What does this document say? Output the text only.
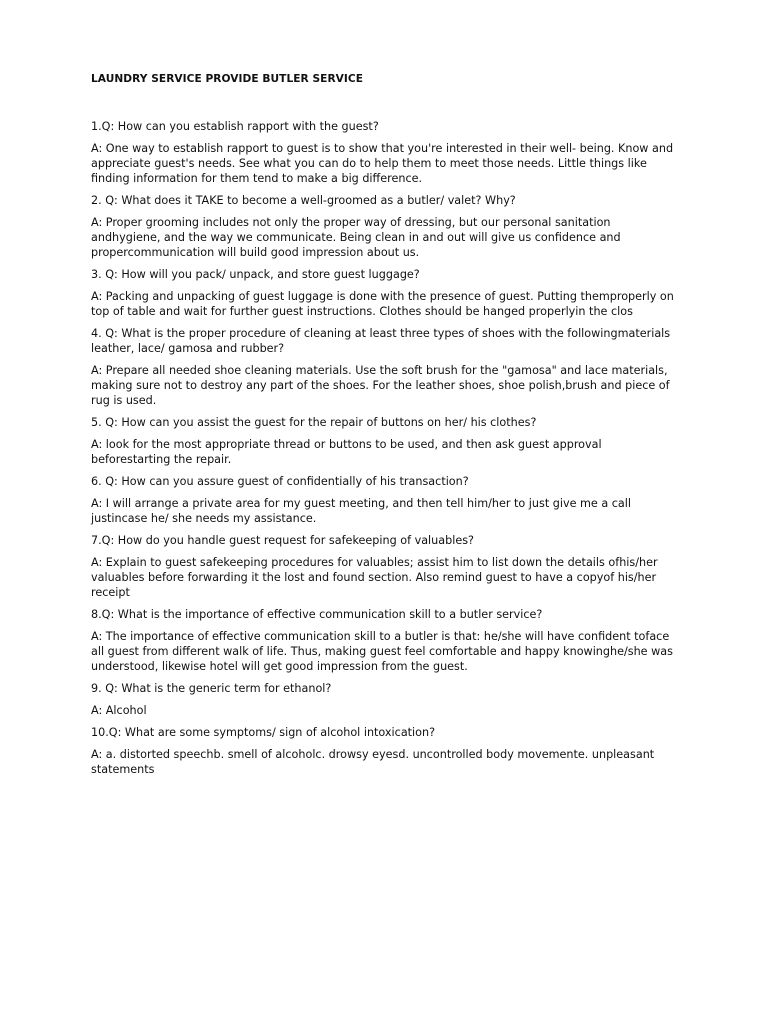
LAUNDRY SERVICE PROVIDE BUTLER SERVICE

1.Q: How can you establish rapport with the guest?

A: One way to establish rapport to guest is to show that you're interested in their well- being. Know and appreciate guest's needs. See what you can do to help them to meet those needs. Little things like finding information for them tend to make a big difference.

2. Q: What does it TAKE to become a well-groomed as a butler/ valet? Why?

A: Proper grooming includes not only the proper way of dressing, but our personal sanitation andhygiene, and the way we communicate. Being clean in and out will give us confidence and propercommunication will build good impression about us.

3. Q: How will you pack/ unpack, and store guest luggage?

A: Packing and unpacking of guest luggage is done with the presence of guest. Putting themproperly on top of table and wait for further guest instructions. Clothes should be hanged properlyin the clos

4. Q: What is the proper procedure of cleaning at least three types of shoes with the followingmaterials leather, lace/ gamosa and rubber?

A: Prepare all needed shoe cleaning materials. Use the soft brush for the "gamosa" and lace materials, making sure not to destroy any part of the shoes. For the leather shoes, shoe polish,brush and piece of rug is used.

5. Q: How can you assist the guest for the repair of buttons on her/ his clothes?

A: look for the most appropriate thread or buttons to be used, and then ask guest approval beforestarting the repair.

6. Q: How can you assure guest of confidentially of his transaction?

A: I will arrange a private area for my guest meeting, and then tell him/her to just give me a call justincase he/ she needs my assistance.

7.Q: How do you handle guest request for safekeeping of valuables?

A: Explain to guest safekeeping procedures for valuables; assist him to list down the details ofhis/her valuables before forwarding it the lost and found section. Also remind guest to have a copyof his/her receipt

8.Q: What is the importance of effective communication skill to a butler service?

A: The importance of effective communication skill to a butler is that: he/she will have confident toface all guest from different walk of life. Thus, making guest feel comfortable and happy knowinghe/she was understood, likewise hotel will get good impression from the guest.

9. Q: What is the generic term for ethanol?

A: Alcohol

10.Q: What are some symptoms/ sign of alcohol intoxication?

A: a. distorted speechb. smell of alcoholc. drowsy eyesd. uncontrolled body movemente. unpleasant statements
